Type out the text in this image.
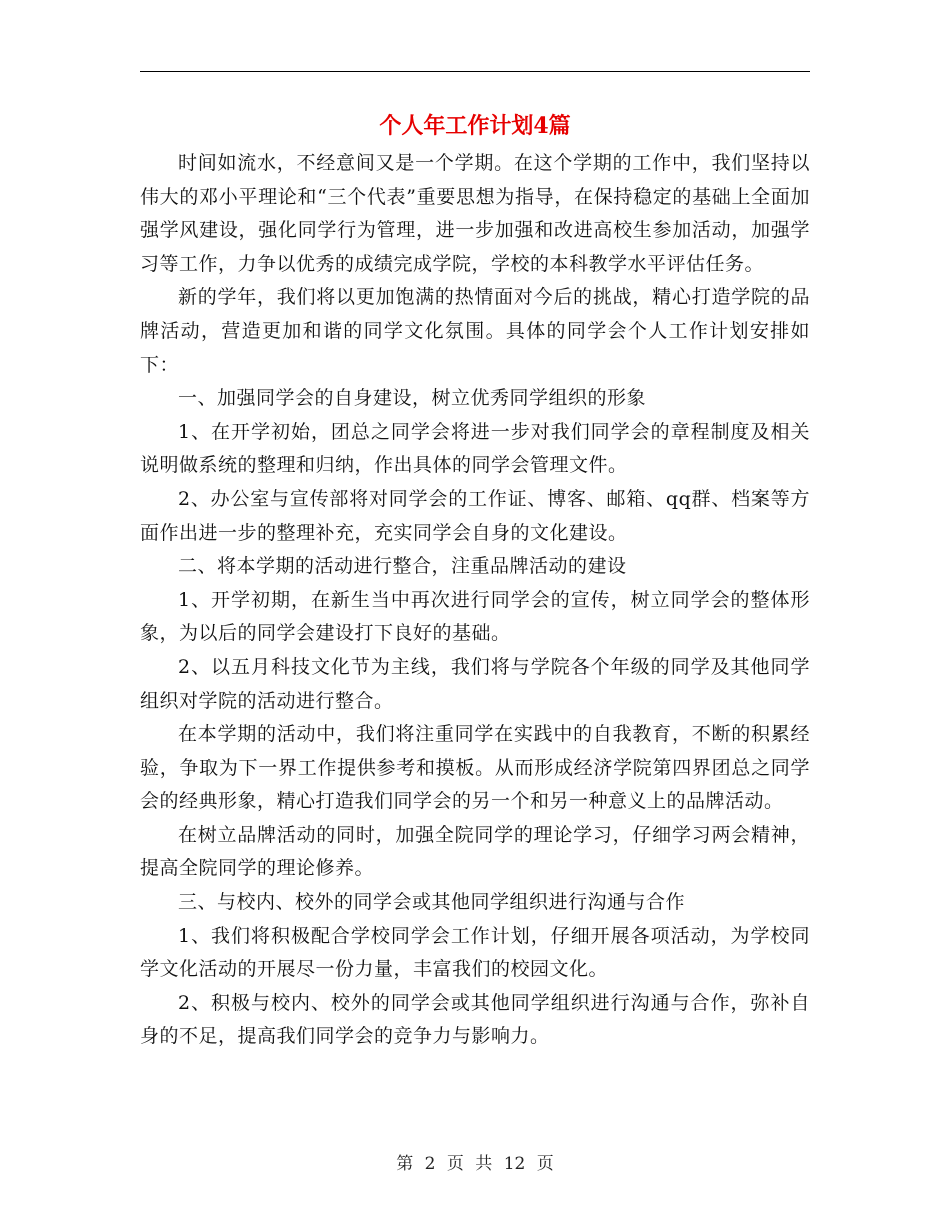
个人年工作计划4篇

时间如流水，不经意间又是一个学期。在这个学期的工作中，我们坚持以伟大的邓小平理论和“三个代表”重要思想为指导，在保持稳定的基础上全面加强学风建设，强化同学行为管理，进一步加强和改进高校生参加活动，加强学习等工作，力争以优秀的成绩完成学院，学校的本科教学水平评估任务。

新的学年，我们将以更加饱满的热情面对今后的挑战，精心打造学院的品牌活动，营造更加和谐的同学文化氛围。具体的同学会个人工作计划安排如下：

一、加强同学会的自身建设，树立优秀同学组织的形象

1、在开学初始，团总之同学会将进一步对我们同学会的章程制度及相关说明做系统的整理和归纳，作出具体的同学会管理文件。

2、办公室与宣传部将对同学会的工作证、博客、邮箱、qq群、档案等方面作出进一步的整理补充，充实同学会自身的文化建设。

二、将本学期的活动进行整合，注重品牌活动的建设

1、开学初期，在新生当中再次进行同学会的宣传，树立同学会的整体形象，为以后的同学会建设打下良好的基础。

2、以五月科技文化节为主线，我们将与学院各个年级的同学及其他同学组织对学院的活动进行整合。

在本学期的活动中，我们将注重同学在实践中的自我教育，不断的积累经验，争取为下一界工作提供参考和摸板。从而形成经济学院第四界团总之同学会的经典形象，精心打造我们同学会的另一个和另一种意义上的品牌活动。

在树立品牌活动的同时，加强全院同学的理论学习，仔细学习两会精神，提高全院同学的理论修养。

三、与校内、校外的同学会或其他同学组织进行沟通与合作

1、我们将积极配合学校同学会工作计划，仔细开展各项活动，为学校同学文化活动的开展尽一份力量，丰富我们的校园文化。

2、积极与校内、校外的同学会或其他同学组织进行沟通与合作，弥补自身的不足，提高我们同学会的竞争力与影响力。

第 2 页 共 12 页
